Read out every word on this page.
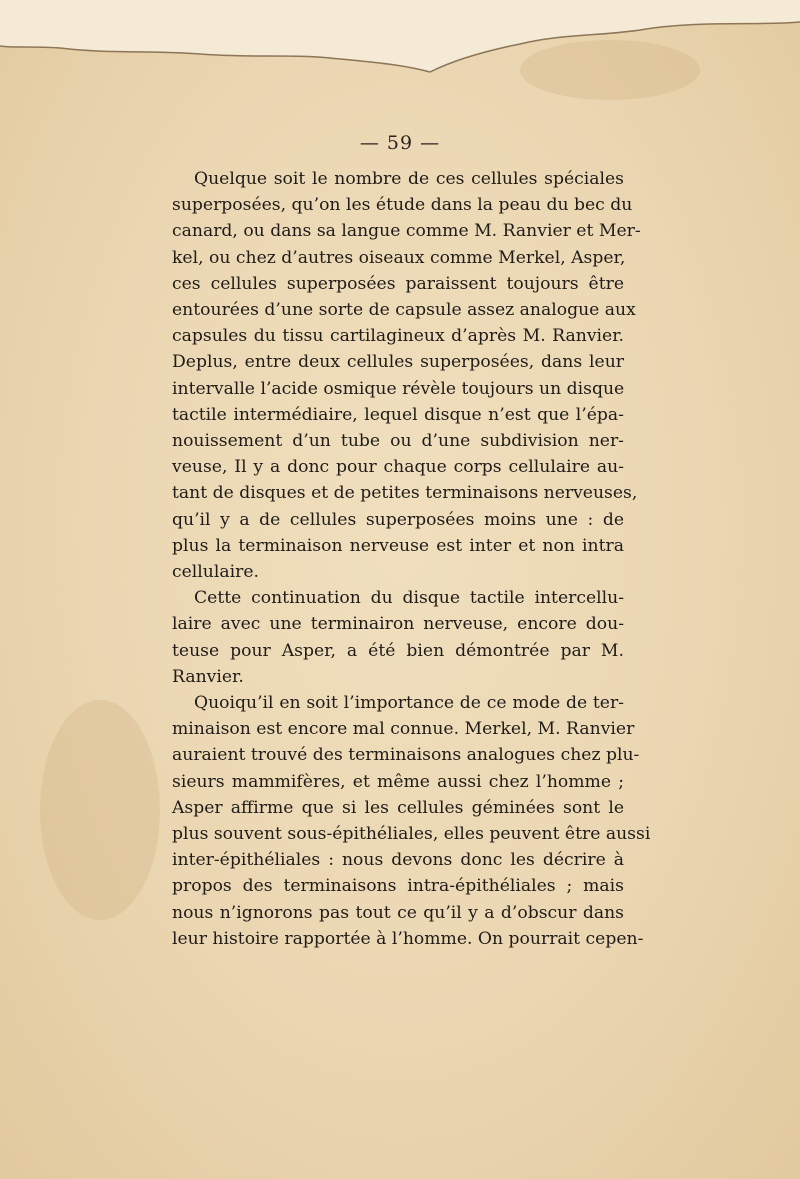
— 59 —
Quelque soit le nombre de ces cellules spéciales
superposées, qu’on les étude dans la peau du bec du
canard, ou dans sa langue comme M. Ranvier et Mer-
kel, ou chez d’autres oiseaux comme Merkel, Asper,
ces cellules superposées paraissent toujours être
entourées d’une sorte de capsule assez analogue aux
capsules du tissu cartilagineux d’après M. Ranvier.
Deplus, entre deux cellules superposées, dans leur
intervalle l’acide osmique révèle toujours un disque
tactile intermédiaire, lequel disque n’est que l’épa-
nouissement d’un tube ou d’une subdivision ner-
veuse, Il y a donc pour chaque corps cellulaire au-
tant de disques et de petites terminaisons nerveuses,
qu’il y a de cellules superposées moins une : de
plus la terminaison nerveuse est inter et non intra
cellulaire.
Cette continuation du disque tactile intercellu-
laire avec une terminairon nerveuse, encore dou-
teuse pour Asper, a été bien démontrée par M.
Ranvier.
Quoiqu’il en soit l’importance de ce mode de ter-
minaison est encore mal connue. Merkel, M. Ranvier
auraient trouvé des terminaisons analogues chez plu-
sieurs mammifères, et même aussi chez l’homme ;
Asper affirme que si les cellules géminées sont le
plus souvent sous-épithéliales, elles peuvent être aussi
inter-épithéliales : nous devons donc les décrire à
propos des terminaisons intra-épithéliales ; mais
nous n’ignorons pas tout ce qu’il y a d’obscur dans
leur histoire rapportée à l’homme. On pourrait cepen-
